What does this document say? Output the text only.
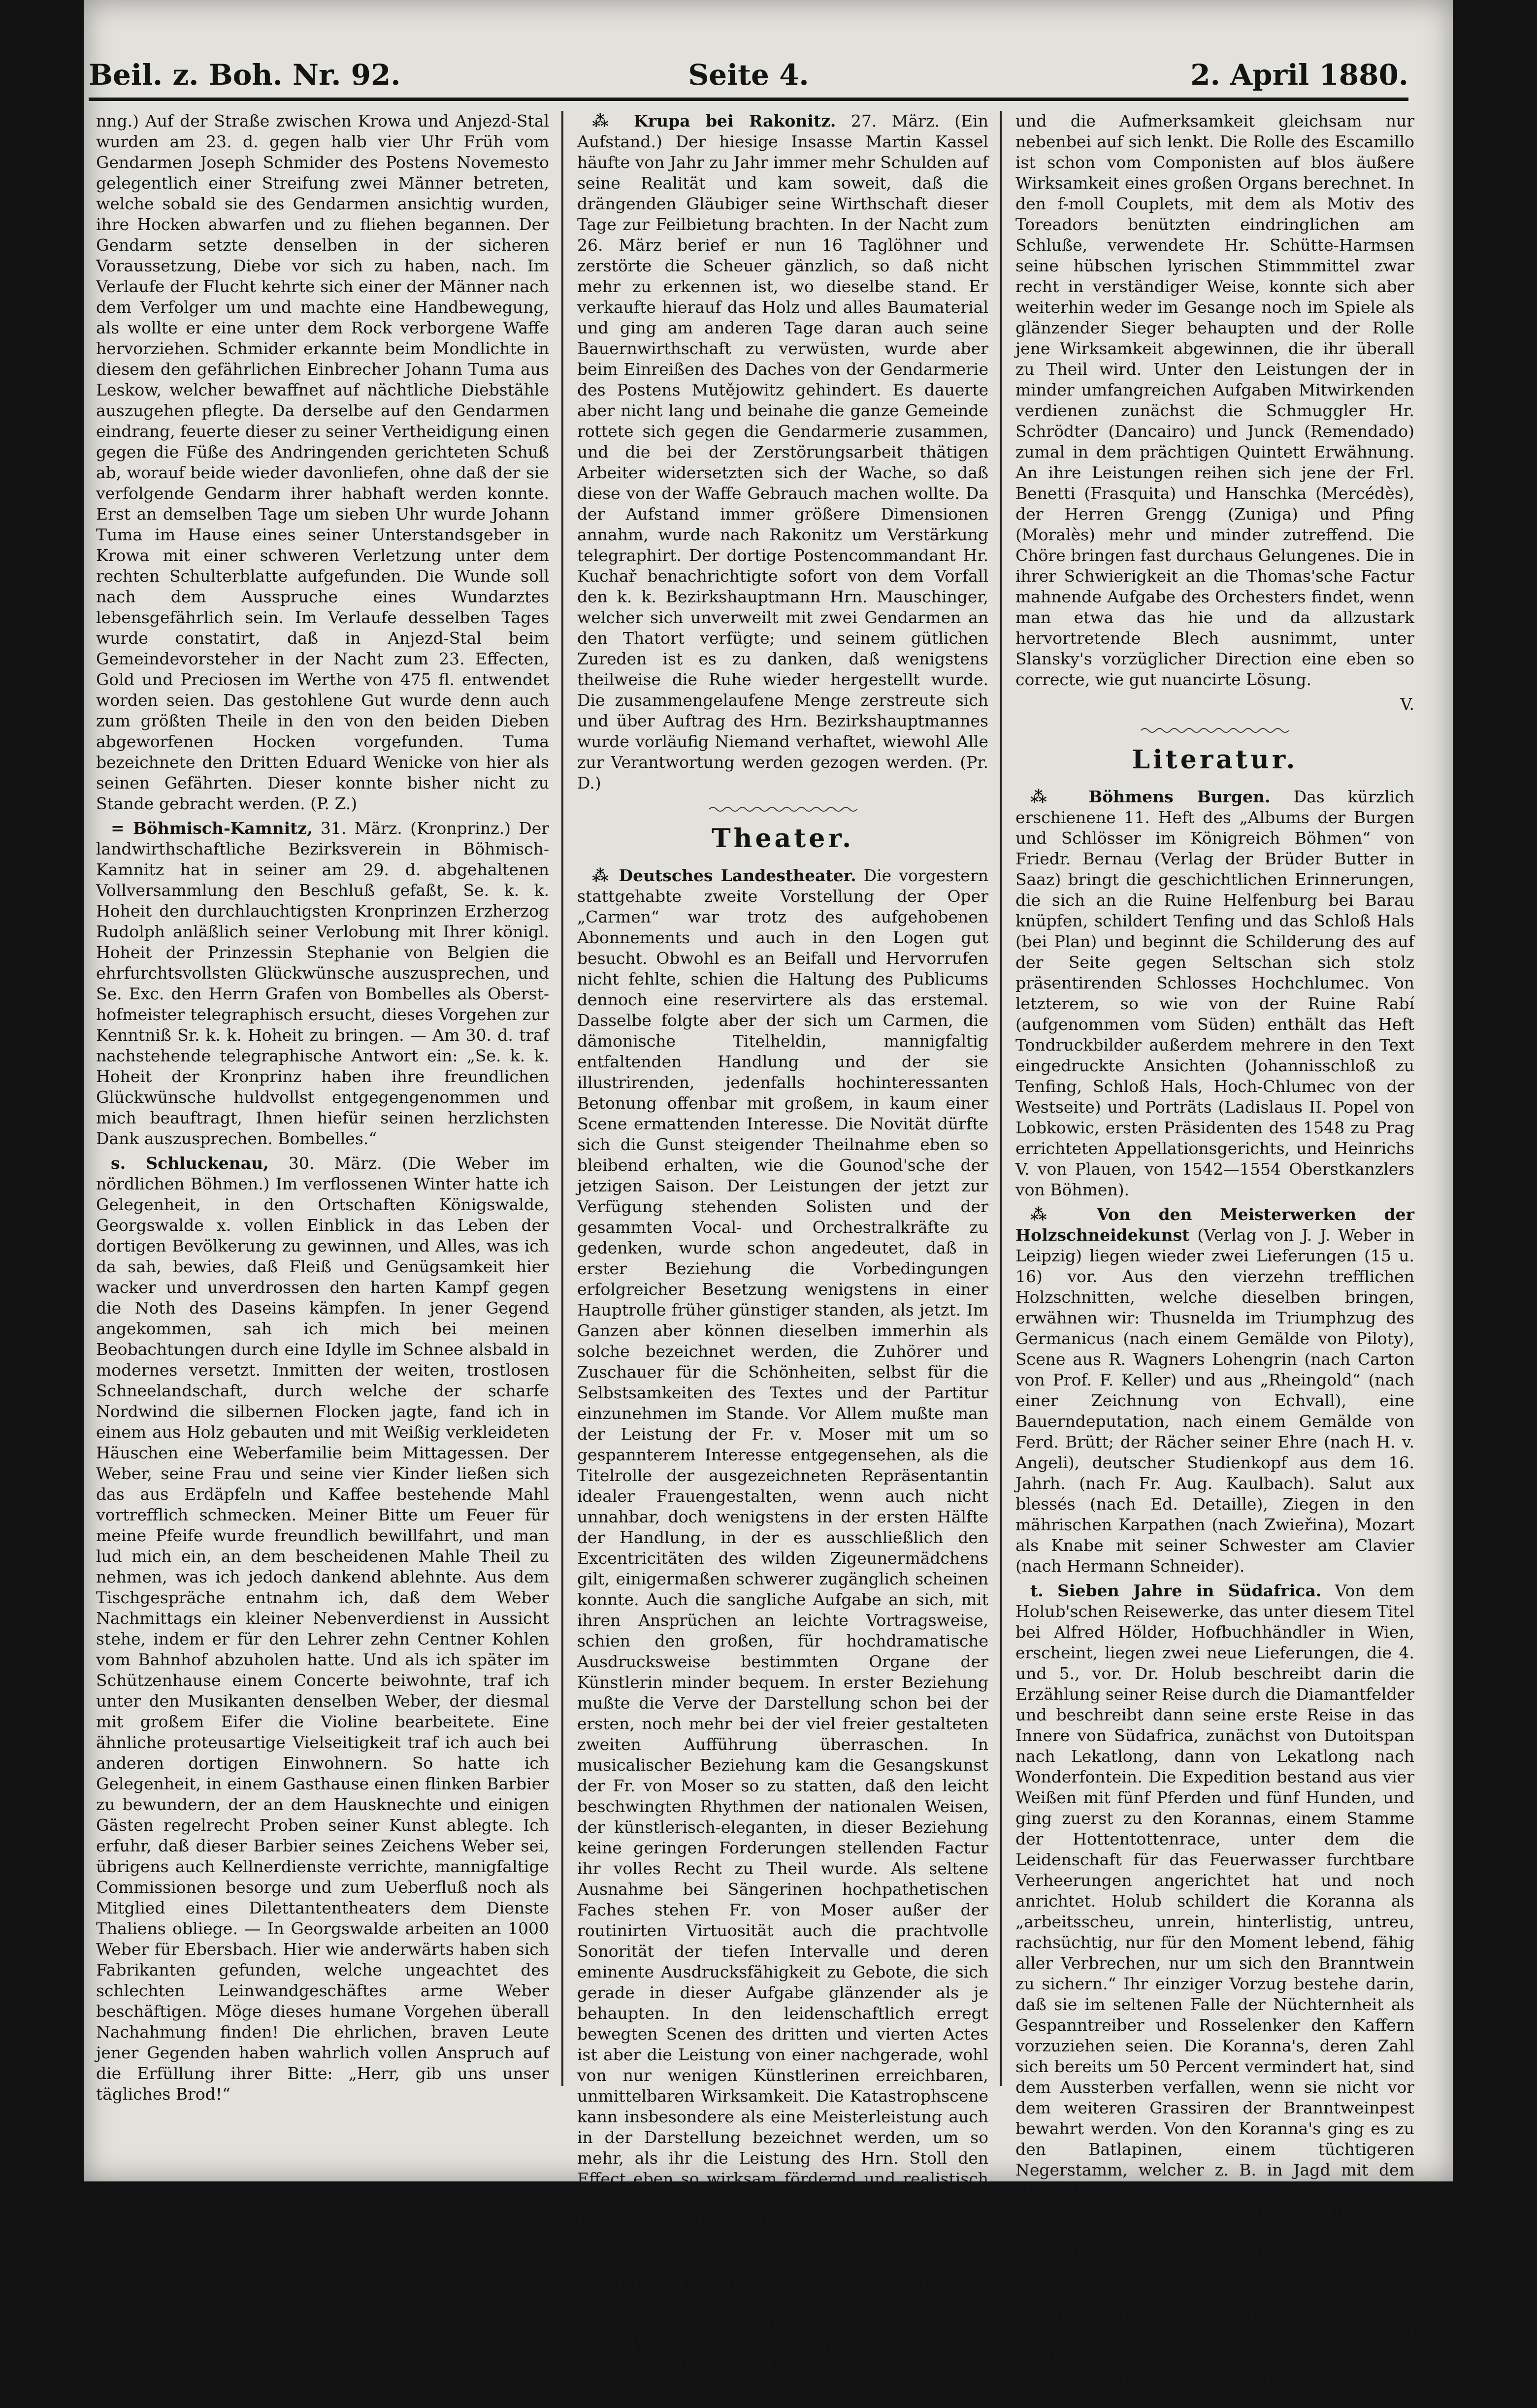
Beil. z. Boh. Nr. 92.	Seite 4.	2. April 1880.

nng.) Auf der Straße zwischen Krowa und Anjezd-Stal wurden am 23. d. gegen halb vier Uhr Früh vom Gendarmen Joseph Schmider des Postens Novemesto gelegentlich einer Streifung zwei Männer betreten, welche sobald sie des Gendarmen ansichtig wurden, ihre Hocken abwarfen und zu fliehen begannen. Der Gendarm setzte denselben in der sicheren Voraussetzung, Diebe vor sich zu haben, nach. Im Verlaufe der Flucht kehrte sich einer der Männer nach dem Verfolger um und machte eine Handbewegung, als wollte er eine unter dem Rock verborgene Waffe hervorziehen. Schmider erkannte beim Mondlichte in diesem den gefährlichen Einbrecher Johann Tuma aus Leskow, welcher bewaffnet auf nächtliche Diebstähle auszugehen pflegte. Da derselbe auf den Gendarmen eindrang, feuerte dieser zu seiner Vertheidigung einen gegen die Füße des Andringenden gerichteten Schuß ab, worauf beide wieder davonliefen, ohne daß der sie verfolgende Gendarm ihrer habhaft werden konnte. Erst an demselben Tage um sieben Uhr wurde Johann Tuma im Hause eines seiner Unterstandsgeber in Krowa mit einer schweren Verletzung unter dem rechten Schulterblatte aufgefunden. Die Wunde soll nach dem Ausspruche eines Wundarztes lebensgefährlich sein. Im Verlaufe desselben Tages wurde constatirt, daß in Anjezd-Stal beim Gemeindevorsteher in der Nacht zum 23. Effecten, Gold und Preciosen im Werthe von 475 fl. entwendet worden seien. Das gestohlene Gut wurde denn auch zum größten Theile in den von den beiden Dieben abgeworfenen Hocken vorgefunden. Tuma bezeichnete den Dritten Eduard Wenicke von hier als seinen Gefährten. Dieser konnte bisher nicht zu Stande gebracht werden. (P. Z.)

= Böhmisch-Kamnitz, 31. März. (Kronprinz.) Der landwirthschaftliche Bezirksverein in Böhmisch-Kamnitz hat in seiner am 29. d. abgehaltenen Vollversammlung den Beschluß gefaßt, Se. k. k. Hoheit den durchlauchtigsten Kronprinzen Erzherzog Rudolph anläßlich seiner Verlobung mit Ihrer königl. Hoheit der Prinzessin Stephanie von Belgien die ehrfurchtsvollsten Glückwünsche auszusprechen, und Se. Exc. den Herrn Grafen von Bombelles als Oberst-hofmeister telegraphisch ersucht, dieses Vorgehen zur Kenntniß Sr. k. k. Hoheit zu bringen. — Am 30. d. traf nachstehende telegraphische Antwort ein: „Se. k. k. Hoheit der Kronprinz haben ihre freundlichen Glückwünsche huldvollst entgegengenommen und mich beauftragt, Ihnen hiefür seinen herzlichsten Dank auszusprechen. Bombelles.“

s. Schluckenau, 30. März. (Die Weber im nördlichen Böhmen.) Im verflossenen Winter hatte ich Gelegenheit, in den Ortschaften Königswalde, Georgswalde x. vollen Einblick in das Leben der dortigen Bevölkerung zu gewinnen, und Alles, was ich da sah, bewies, daß Fleiß und Genügsamkeit hier wacker und unverdrossen den harten Kampf gegen die Noth des Daseins kämpfen. In jener Gegend angekommen, sah ich mich bei meinen Beobachtungen durch eine Idylle im Schnee alsbald in modernes versetzt. Inmitten der weiten, trostlosen Schneelandschaft, durch welche der scharfe Nordwind die silbernen Flocken jagte, fand ich in einem aus Holz gebauten und mit Weißig verkleideten Häuschen eine Weberfamilie beim Mittagessen. Der Weber, seine Frau und seine vier Kinder ließen sich das aus Erdäpfeln und Kaffee bestehende Mahl vortrefflich schmecken. Meiner Bitte um Feuer für meine Pfeife wurde freundlich bewillfahrt, und man lud mich ein, an dem bescheidenen Mahle Theil zu nehmen, was ich jedoch dankend ablehnte. Aus dem Tischgespräche entnahm ich, daß dem Weber Nachmittags ein kleiner Nebenverdienst in Aussicht stehe, indem er für den Lehrer zehn Centner Kohlen vom Bahnhof abzuholen hatte. Und als ich später im Schützenhause einem Concerte beiwohnte, traf ich unter den Musikanten denselben Weber, der diesmal mit großem Eifer die Violine bearbeitete. Eine ähnliche proteusartige Vielseitigkeit traf ich auch bei anderen dortigen Einwohnern. So hatte ich Gelegenheit, in einem Gasthause einen flinken Barbier zu bewundern, der an dem Hausknechte und einigen Gästen regelrecht Proben seiner Kunst ablegte. Ich erfuhr, daß dieser Barbier seines Zeichens Weber sei, übrigens auch Kellnerdienste verrichte, mannigfaltige Commissionen besorge und zum Ueberfluß noch als Mitglied eines Dilettantentheaters dem Dienste Thaliens obliege. — In Georgswalde arbeiten an 1000 Weber für Ebersbach. Hier wie anderwärts haben sich Fabrikanten gefunden, welche ungeachtet des schlechten Leinwandgeschäftes arme Weber beschäftigen. Möge dieses humane Vorgehen überall Nachahmung finden! Die ehrlichen, braven Leute jener Gegenden haben wahrlich vollen Anspruch auf die Erfüllung ihrer Bitte: „Herr, gib uns unser tägliches Brod!“

⁂ Krupa bei Rakonitz. 27. März. (Ein Aufstand.) Der hiesige Insasse Martin Kassel häufte von Jahr zu Jahr immer mehr Schulden auf seine Realität und kam soweit, daß die drängenden Gläubiger seine Wirthschaft dieser Tage zur Feilbietung brachten. In der Nacht zum 26. März berief er nun 16 Taglöhner und zerstörte die Scheuer gänzlich, so daß nicht mehr zu erkennen ist, wo dieselbe stand. Er verkaufte hierauf das Holz und alles Baumaterial und ging am anderen Tage daran auch seine Bauernwirthschaft zu verwüsten, wurde aber beim Einreißen des Daches von der Gendarmerie des Postens Mutějowitz gehindert. Es dauerte aber nicht lang und beinahe die ganze Gemeinde rottete sich gegen die Gendarmerie zusammen, und die bei der Zerstörungsarbeit thätigen Arbeiter widersetzten sich der Wache, so daß diese von der Waffe Gebrauch machen wollte. Da der Aufstand immer größere Dimensionen annahm, wurde nach Rakonitz um Verstärkung telegraphirt. Der dortige Postencommandant Hr. Kuchař benachrichtigte sofort von dem Vorfall den k. k. Bezirkshauptmann Hrn. Mauschinger, welcher sich unverweilt mit zwei Gendarmen an den Thatort verfügte; und seinem gütlichen Zureden ist es zu danken, daß wenigstens theilweise die Ruhe wieder hergestellt wurde. Die zusammengelaufene Menge zerstreute sich und über Auftrag des Hrn. Bezirkshauptmannes wurde vorläufig Niemand verhaftet, wiewohl Alle zur Verantwortung werden gezogen werden. (Pr. D.)

Theater.

⁂ Deutsches Landestheater. Die vorgestern stattgehabte zweite Vorstellung der Oper „Carmen“ war trotz des aufgehobenen Abonnements und auch in den Logen gut besucht. Obwohl es an Beifall und Hervorrufen nicht fehlte, schien die Haltung des Publicums dennoch eine reservirtere als das erstemal. Dasselbe folgte aber der sich um Carmen, die dämonische Titelheldin, mannigfaltig entfaltenden Handlung und der sie illustrirenden, jedenfalls hochinteressanten Betonung offenbar mit großem, in kaum einer Scene ermattenden Interesse. Die Novität dürfte sich die Gunst steigender Theilnahme eben so bleibend erhalten, wie die Gounod'sche der jetzigen Saison. Der Leistungen der jetzt zur Verfügung stehenden Solisten und der gesammten Vocal- und Orchestralkräfte zu gedenken, wurde schon angedeutet, daß in erster Beziehung die Vorbedingungen erfolgreicher Besetzung wenigstens in einer Hauptrolle früher günstiger standen, als jetzt. Im Ganzen aber können dieselben immerhin als solche bezeichnet werden, die Zuhörer und Zuschauer für die Schönheiten, selbst für die Selbstsamkeiten des Textes und der Partitur einzunehmen im Stande. Vor Allem mußte man der Leistung der Fr. v. Moser mit um so gespannterem Interesse entgegensehen, als die Titelrolle der ausgezeichneten Repräsentantin idealer Frauengestalten, wenn auch nicht unnahbar, doch wenigstens in der ersten Hälfte der Handlung, in der es ausschließlich den Excentricitäten des wilden Zigeunermädchens gilt, einigermaßen schwerer zugänglich scheinen konnte. Auch die sangliche Aufgabe an sich, mit ihren Ansprüchen an leichte Vortragsweise, schien den großen, für hochdramatische Ausdrucksweise bestimmten Organe der Künstlerin minder bequem. In erster Beziehung mußte die Verve der Darstellung schon bei der ersten, noch mehr bei der viel freier gestalteten zweiten Aufführung überraschen. In musicalischer Beziehung kam die Gesangskunst der Fr. von Moser so zu statten, daß den leicht beschwingten Rhythmen der nationalen Weisen, der künstlerisch-eleganten, in dieser Beziehung keine geringen Forderungen stellenden Factur ihr volles Recht zu Theil wurde. Als seltene Ausnahme bei Sängerinen hochpathetischen Faches stehen Fr. von Moser außer der routinirten Virtuosität auch die prachtvolle Sonorität der tiefen Intervalle und deren eminente Ausdrucksfähigkeit zu Gebote, die sich gerade in dieser Aufgabe glänzender als je behaupten. In den leidenschaftlich erregt bewegten Scenen des dritten und vierten Actes ist aber die Leistung von einer nachgerade, wohl von nur wenigen Künstlerinen erreichbaren, unmittelbaren Wirksamkeit. Die Katastrophscene kann insbesondere als eine Meisterleistung auch in der Darstellung bezeichnet werden, um so mehr, als ihr die Leistung des Hrn. Stoll den Effect eben so wirksam fördernd und realistisch wahr zur Seite stellt. Nicht minder Günstiges läßt sich von Frl. Lehmann als Micaëla melden. Die Gestaltung des Charakters, der sangliche Theil stehen auf gewohnter Höhe dieser vorzüglichen Operistin. Für dieselbe spricht der ihr zu Theil gewordene Beifall um so mehr, als das Erscheinen des schlichten Landmädchens als gutes Princips, in seinen Hauptscenen ganz und gar unvermittelt erfolgt

und die Aufmerksamkeit gleichsam nur nebenbei auf sich lenkt. Die Rolle des Escamillo ist schon vom Componisten auf blos äußere Wirksamkeit eines großen Organs berechnet. In den f-moll Couplets, mit dem als Motiv des Toreadors benützten eindringlichen am Schluße, verwendete Hr. Schütte-Harmsen seine hübschen lyrischen Stimmmittel zwar recht in verständiger Weise, konnte sich aber weiterhin weder im Gesange noch im Spiele als glänzender Sieger behaupten und der Rolle jene Wirksamkeit abgewinnen, die ihr überall zu Theil wird. Unter den Leistungen der in minder umfangreichen Aufgaben Mitwirkenden verdienen zunächst die Schmuggler Hr. Schrödter (Dancairo) und Junck (Remendado) zumal in dem prächtigen Quintett Erwähnung. An ihre Leistungen reihen sich jene der Frl. Benetti (Frasquita) und Hanschka (Mercédès), der Herren Grengg (Zuniga) und Pfing (Moralès) mehr und minder zutreffend. Die Chöre bringen fast durchaus Gelungenes. Die in ihrer Schwierigkeit an die Thomas'sche Factur mahnende Aufgabe des Orchesters findet, wenn man etwa das hie und da allzustark hervortretende Blech ausnimmt, unter Slansky's vorzüglicher Direction eine eben so correcte, wie gut nuancirte Lösung.

V.

Literatur.

⁂ Böhmens Burgen. Das kürzlich erschienene 11. Heft des „Albums der Burgen und Schlösser im Königreich Böhmen“ von Friedr. Bernau (Verlag der Brüder Butter in Saaz) bringt die geschichtlichen Erinnerungen, die sich an die Ruine Helfenburg bei Barau knüpfen, schildert Tenfing und das Schloß Hals (bei Plan) und beginnt die Schilderung des auf der Seite gegen Seltschan sich stolz präsentirenden Schlosses Hochchlumec. Von letzterem, so wie von der Ruine Rabí (aufgenommen vom Süden) enthält das Heft Tondruckbilder außerdem mehrere in den Text eingedruckte Ansichten (Johannisschloß zu Tenfing, Schloß Hals, Hoch-Chlumec von der Westseite) und Porträts (Ladislaus II. Popel von Lobkowic, ersten Präsidenten des 1548 zu Prag errichteten Appellationsgerichts, und Heinrichs V. von Plauen, von 1542—1554 Oberstkanzlers von Böhmen).

⁂ Von den Meisterwerken der Holzschneidekunst (Verlag von J. J. Weber in Leipzig) liegen wieder zwei Lieferungen (15 u. 16) vor. Aus den vierzehn trefflichen Holzschnitten, welche dieselben bringen, erwähnen wir: Thusnelda im Triumphzug des Germanicus (nach einem Gemälde von Piloty), Scene aus R. Wagners Lohengrin (nach Carton von Prof. F. Keller) und aus „Rheingold“ (nach einer Zeichnung von Echvall), eine Bauerndeputation, nach einem Gemälde von Ferd. Brütt; der Rächer seiner Ehre (nach H. v. Angeli), deutscher Studienkopf aus dem 16. Jahrh. (nach Fr. Aug. Kaulbach). Salut aux blessés (nach Ed. Detaille), Ziegen in den mährischen Karpathen (nach Zwieřina), Mozart als Knabe mit seiner Schwester am Clavier (nach Hermann Schneider).

t. Sieben Jahre in Südafrica. Von dem Holub'schen Reisewerke, das unter diesem Titel bei Alfred Hölder, Hofbuchhändler in Wien, erscheint, liegen zwei neue Lieferungen, die 4. und 5., vor. Dr. Holub beschreibt darin die Erzählung seiner Reise durch die Diamantfelder und beschreibt dann seine erste Reise in das Innere von Südafrica, zunächst von Dutoitspan nach Lekatlong, dann von Lekatlong nach Wonderfontein. Die Expedition bestand aus vier Weißen mit fünf Pferden und fünf Hunden, und ging zuerst zu den Korannas, einem Stamme der Hottentottenrace, unter dem die Leidenschaft für das Feuerwasser furchtbare Verheerungen angerichtet hat und noch anrichtet. Holub schildert die Koranna als „arbeitsscheu, unrein, hinterlistig, untreu, rachsüchtig, nur für den Moment lebend, fähig aller Verbrechen, nur um sich den Branntwein zu sichern.“ Ihr einziger Vorzug bestehe darin, daß sie im seltenen Falle der Nüchternheit als Gespanntreiber und Rosselenker den Kaffern vorzuziehen seien. Die Koranna's, deren Zahl sich bereits um 50 Percent vermindert hat, sind dem Aussterben verfallen, wenn sie nicht vor dem weiteren Grassiren der Branntweinpest bewahrt werden. Von den Koranna's ging es zu den Batlapinen, einem tüchtigeren Negerstamm, welcher z. B. in Jagd mit dem „Kiri“ d. h. einem in eine Kugel auslaufenden Stock, der nach dem Thiere geworfen wird, Ausgezeichnetes leistet. Mehre der Reiseabenteuer, die Holub hier bestand, seine Gefahr, im Schlamme des Vaal-River zu versinken u. s. w. sind aus seinen Vorträgen bekannt. Interessant sind die vielfach eingeflochtenen Skizzen aus dem Thier- und Jagdleben, welche die Jagd auf Paviane, Hyänen, Schlangen, Gazellen u. s. f. lebhaft schildern.
